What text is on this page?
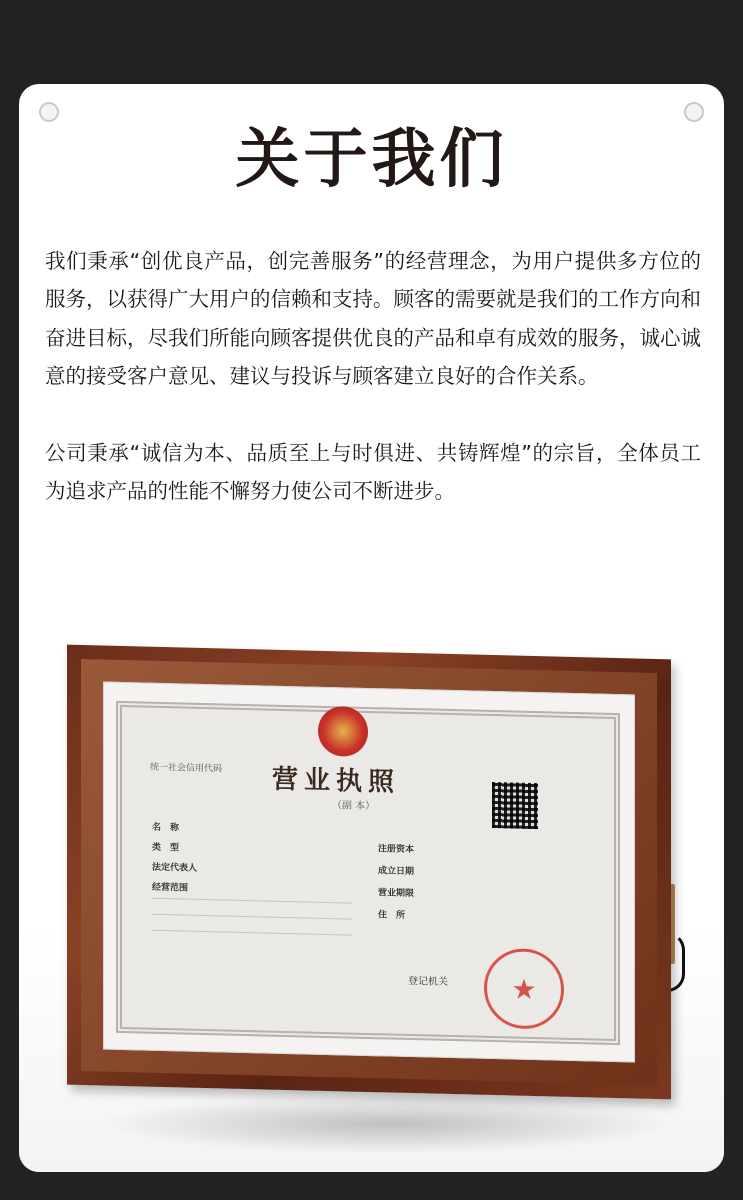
关于我们

我们秉承“创优良产品，创完善服务”的经营理念，为用户提供多方位的服务，以获得广大用户的信赖和支持。顾客的需要就是我们的工作方向和奋进目标，尽我们所能向顾客提供优良的产品和卓有成效的服务，诚心诚意的接受客户意见、建议与投诉与顾客建立良好的合作关系。

公司秉承“诚信为本、品质至上与时俱进、共铸辉煌”的宗旨，全体员工为追求产品的性能不懈努力使公司不断进步。

统一社会信用代码 营业执照
（副 本）
名　称
类　型
法定代表人
经营范围
注册资本
成立日期
营业期限
住　所
登记机关 ★
